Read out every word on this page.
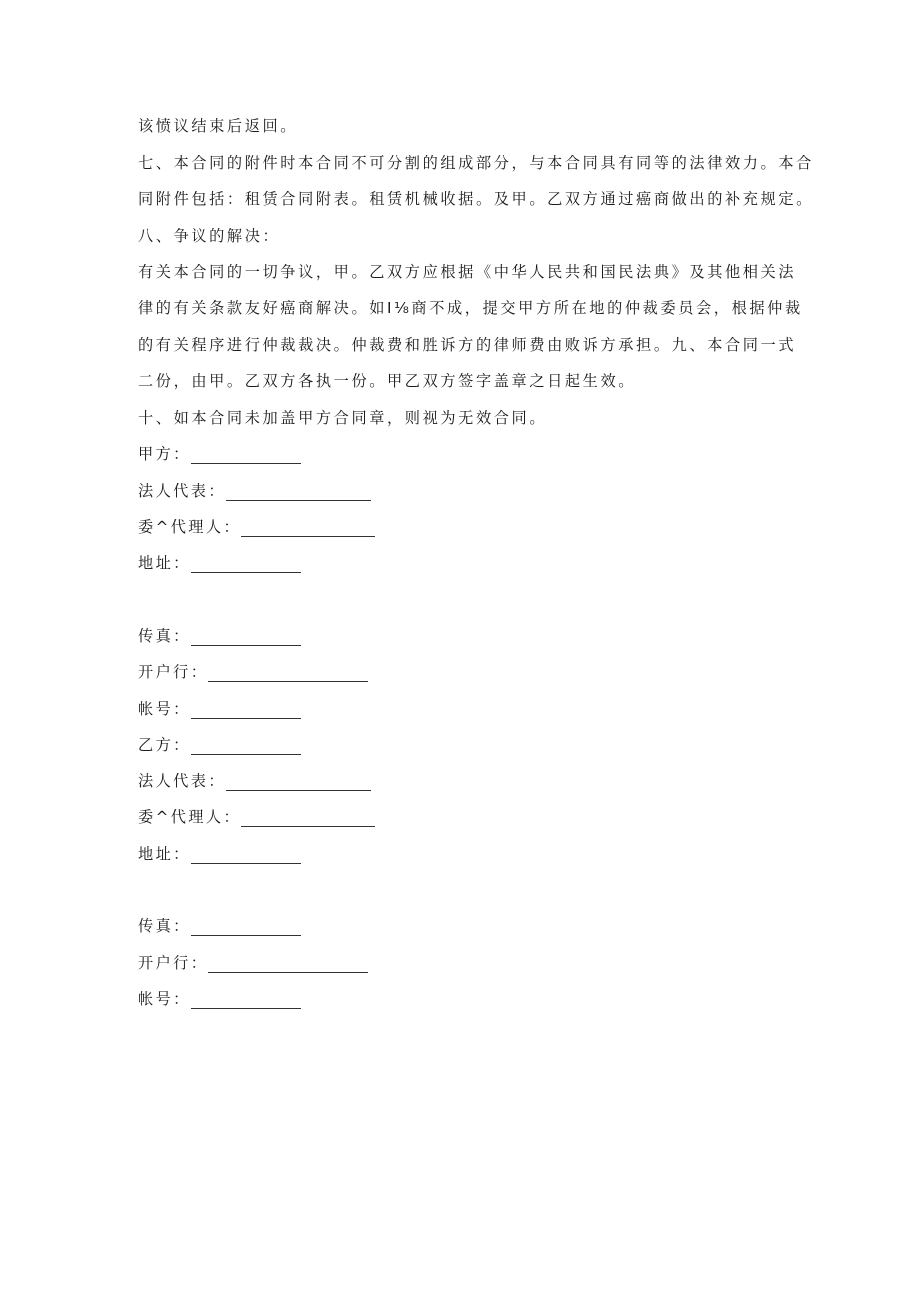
该愤议结束后返回。
七、本合同的附件时本合同不可分割的组成部分，与本合同具有同等的法律效力。本合
同附件包括：租赁合同附表。租赁机械收据。及甲。乙双方通过癌商做出的补充规定。
八、争议的解决：
有关本合同的一切争议，甲。乙双方应根据《中华人民共和国民法典》及其他相关法
律的有关条款友好癌商解决。如I⅛商不成，提交甲方所在地的仲裁委员会，根据仲裁
的有关程序进行仲裁裁决。仲裁费和胜诉方的律师费由败诉方承担。九、本合同一式
二份，由甲。乙双方各执一份。甲乙双方签字盖章之日起生效。
十、如本合同未加盖甲方合同章，则视为无效合同。
甲方：
法人代表：
委^代理人：
地址：
传真：
开户行：
帐号：
乙方：
法人代表：
委^代理人：
地址：
传真：
开户行：
帐号：
